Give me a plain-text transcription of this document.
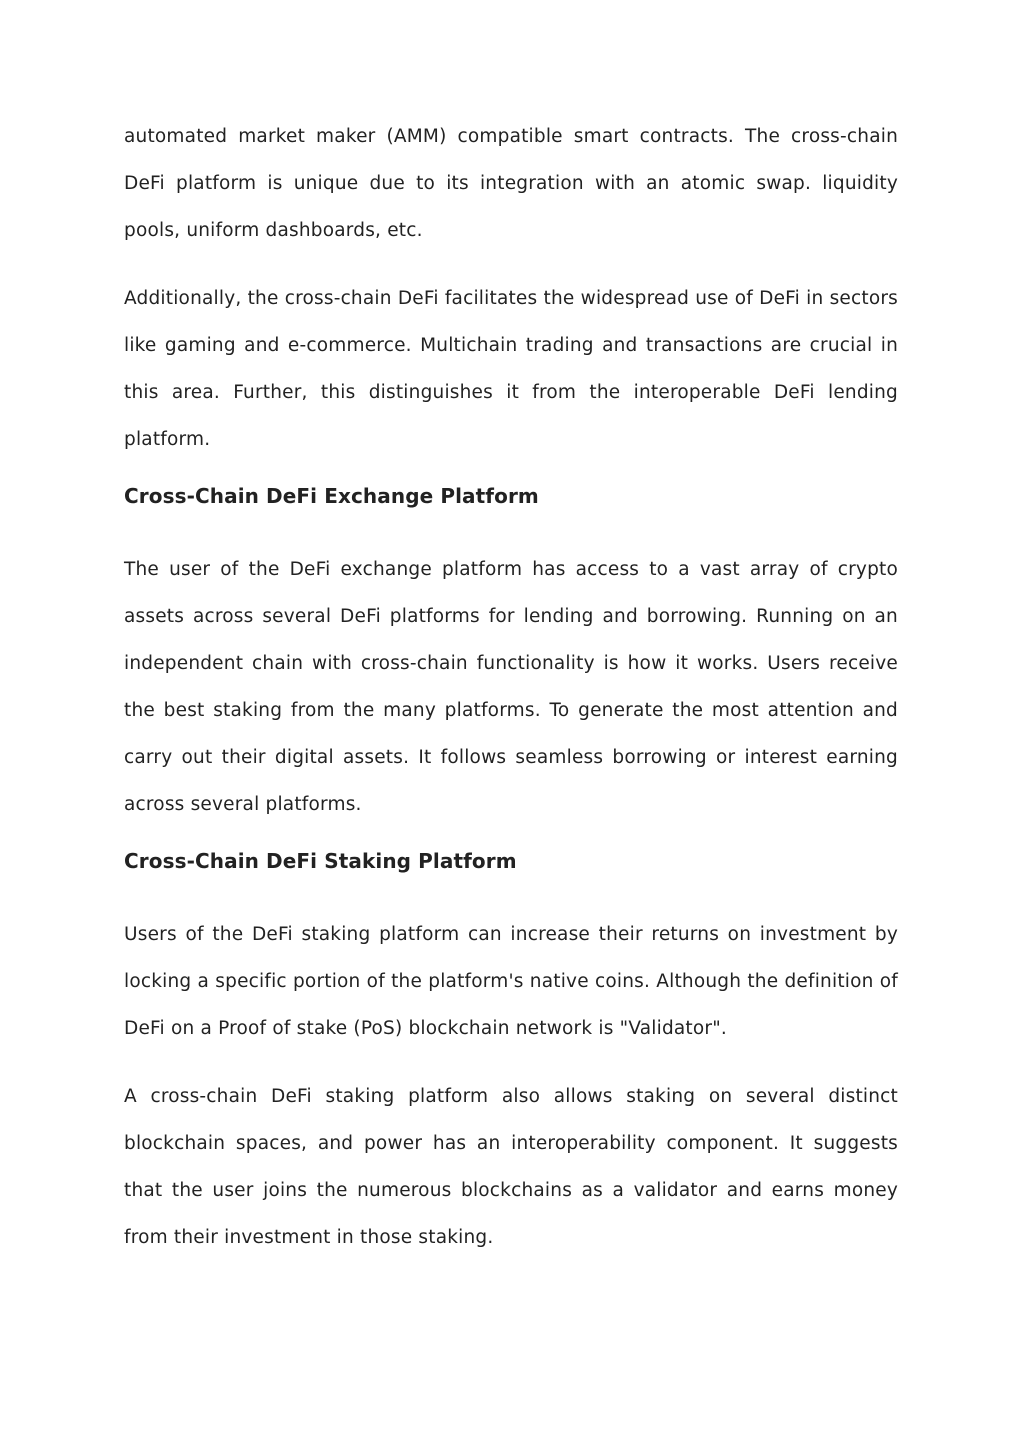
automated market maker (AMM) compatible smart contracts. The cross-chain DeFi platform is unique due to its integration with an atomic swap. liquidity pools, uniform dashboards, etc.

Additionally, the cross-chain DeFi facilitates the widespread use of DeFi in sectors like gaming and e-commerce. Multichain trading and transactions are crucial in this area. Further, this distinguishes it from the interoperable DeFi lending platform.

Cross-Chain DeFi Exchange Platform

The user of the DeFi exchange platform has access to a vast array of crypto assets across several DeFi platforms for lending and borrowing. Running on an independent chain with cross-chain functionality is how it works. Users receive the best staking from the many platforms. To generate the most attention and carry out their digital assets. It follows seamless borrowing or interest earning across several platforms.

Cross-Chain DeFi Staking Platform

Users of the DeFi staking platform can increase their returns on investment by locking a specific portion of the platform's native coins. Although the definition of DeFi on a Proof of stake (PoS) blockchain network is "Validator".

A cross-chain DeFi staking platform also allows staking on several distinct blockchain spaces, and power has an interoperability component. It suggests that the user joins the numerous blockchains as a validator and earns money from their investment in those staking.
